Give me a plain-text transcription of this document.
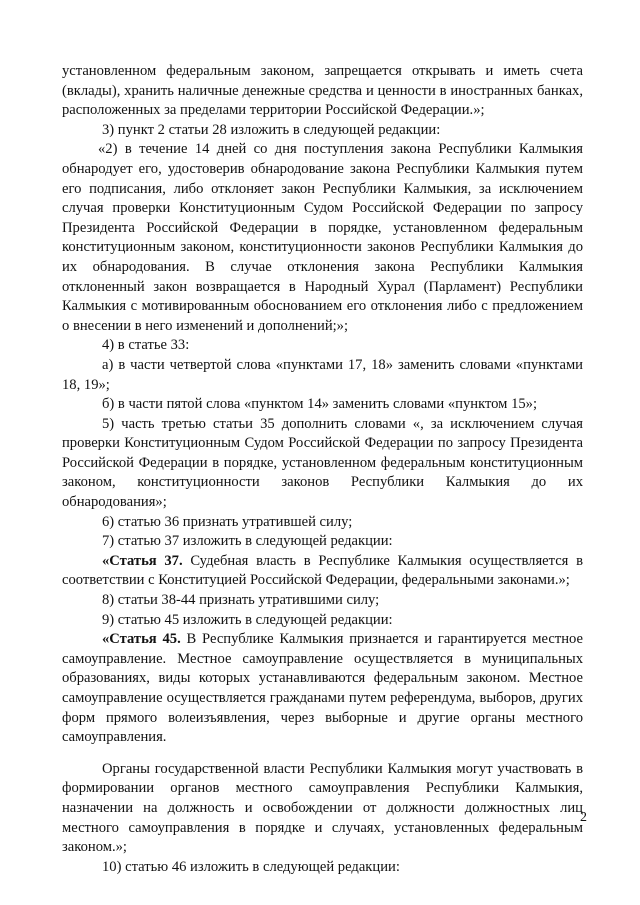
установленном федеральным законом, запрещается открывать и иметь счета (вклады), хранить наличные денежные средства и ценности в иностранных банках, расположенных за пределами территории Российской Федерации.»;

3) пункт 2 статьи 28 изложить в следующей редакции:

«2) в течение 14 дней со дня поступления закона Республики Калмыкия обнародует его, удостоверив обнародование закона Республики Калмыкия путем его подписания, либо отклоняет закон Республики Калмыкия, за исключением случая проверки Конституционным Судом Российской Федерации по запросу Президента Российской Федерации в порядке, установленном федеральным конституционным законом, конституционности законов Республики Калмыкия до их обнародования. В случае отклонения закона Республики Калмыкия отклоненный закон возвращается в Народный Хурал (Парламент) Республики Калмыкия с мотивированным обоснованием его отклонения либо с предложением о внесении в него изменений и дополнений;»;

4) в статье 33:

а) в части четвертой слова «пунктами 17, 18» заменить словами «пунктами 18, 19»;

б) в части пятой слова «пунктом 14» заменить словами «пунктом 15»;

5) часть третью статьи 35 дополнить словами «, за исключением случая проверки Конституционным Судом Российской Федерации по запросу Президента Российской Федерации в порядке, установленном федеральным конституционным законом, конституционности законов Республики Калмыкия до их обнародования»;

6) статью 36 признать утратившей силу;

7) статью 37 изложить в следующей редакции:

«Статья 37. Судебная власть в Республике Калмыкия осуществляется в соответствии с Конституцией Российской Федерации, федеральными законами.»;

8) статьи 38-44 признать утратившими силу;

9) статью 45 изложить в следующей редакции:

«Статья 45. В Республике Калмыкия признается и гарантируется местное самоуправление. Местное самоуправление осуществляется в муниципальных образованиях, виды которых устанавливаются федеральным законом. Местное самоуправление осуществляется гражданами путем референдума, выборов, других форм прямого волеизъявления, через выборные и другие органы местного самоуправления.

Органы государственной власти Республики Калмыкия могут участвовать в формировании органов местного самоуправления Республики Калмыкия, назначении на должность и освобождении от должности должностных лиц местного самоуправления в порядке и случаях, установленных федеральным законом.»;

10) статью 46 изложить в следующей редакции:

2
